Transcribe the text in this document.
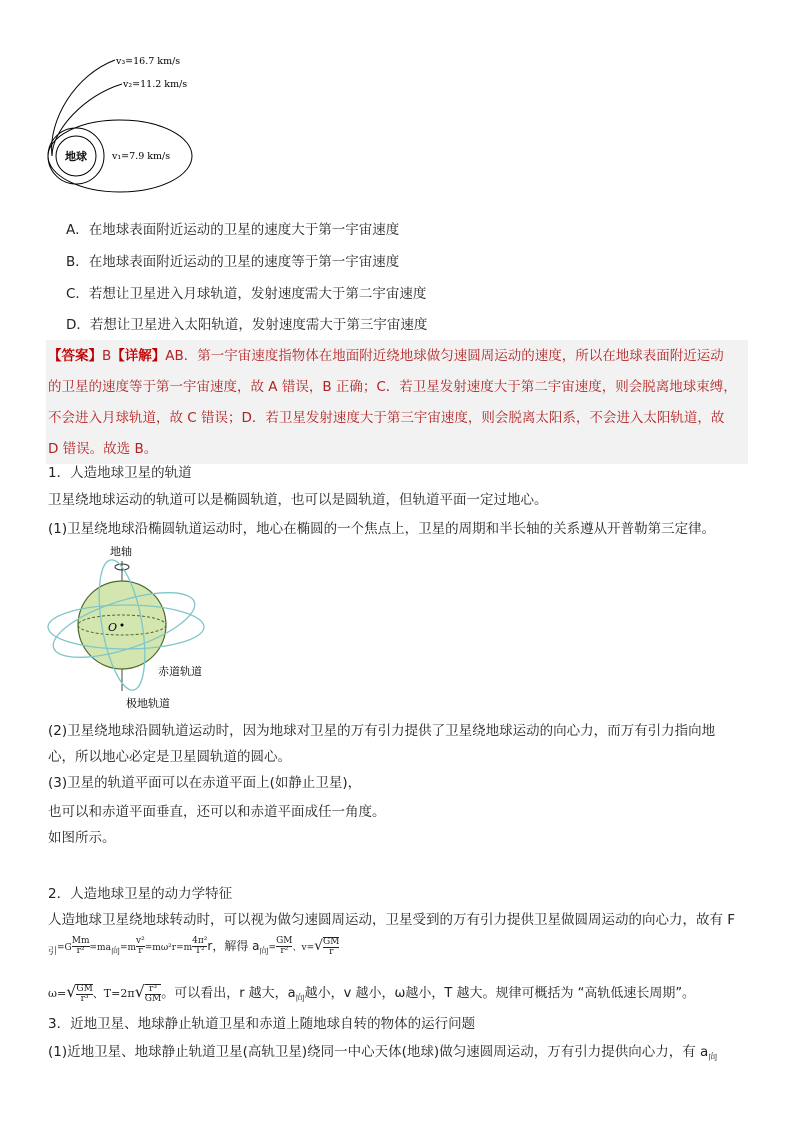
地球
v₃=16.7 km/s
v₂=11.2 km/s
v₁=7.9 km/s
A．在地球表面附近运动的卫星的速度大于第一宇宙速度
B．在地球表面附近运动的卫星的速度等于第一宇宙速度
C．若想让卫星进入月球轨道，发射速度需大于第二宇宙速度
D．若想让卫星进入太阳轨道，发射速度需大于第三宇宙速度
【答案】B【详解】AB．第一宇宙速度指物体在地面附近绕地球做匀速圆周运动的速度，所以在地球表面附近运动
的卫星的速度等于第一宇宙速度，故 A 错误，B 正确；C．若卫星发射速度大于第二宇宙速度，则会脱离地球束缚，
不会进入月球轨道，故 C 错误；D．若卫星发射速度大于第三宇宙速度，则会脱离太阳系，不会进入太阳轨道，故
D 错误。故选 B。
1．人造地球卫星的轨道
卫星绕地球运动的轨道可以是椭圆轨道，也可以是圆轨道，但轨道平面一定过地心。
(1)卫星绕地球沿椭圆轨道运动时，地心在椭圆的一个焦点上，卫星的周期和半长轴的关系遵从开普勒第三定律。
地轴
O
赤道轨道
极地轨道
(2)卫星绕地球沿圆轨道运动时，因为地球对卫星的万有引力提供了卫星绕地球运动的向心力，而万有引力指向地
心，所以地心必定是卫星圆轨道的圆心。
(3)卫星的轨道平面可以在赤道平面上(如静止卫星)，
也可以和赤道平面垂直，还可以和赤道平面成任一角度。
如图所示。
2．人造地球卫星的动力学特征
人造地球卫星绕地球转动时，可以视为做匀速圆周运动，卫星受到的万有引力提供卫星做圆周运动的向心力，故有 F
$_引=G \frac{Mm}{\text{r²}} =ma_向=m \frac{\text{v²}}{r} =m\omega^2r=m \frac{\text{4π²}}{\text{T²}}$ r，解得 $a_向= \frac{GM}{\text{r²}}$ 、$v=√ \frac{GM}{r}$
$\omega=√ \frac{GM}{\text{r³}}$ 、$T=2\pi√ \frac{\text{r³}}{GM}$ 。可以看出，r 越大，$a_向$越小，v 越小，ω越小，T 越大。规律可概括为 “高轨低速长周期”。
3．近地卫星、地球静止轨道卫星和赤道上随地球自转的物体的运行问题
(1)近地卫星、地球静止轨道卫星(高轨卫星)绕同一中心天体(地球)做匀速圆周运动，万有引力提供向心力，有 $a_向$
